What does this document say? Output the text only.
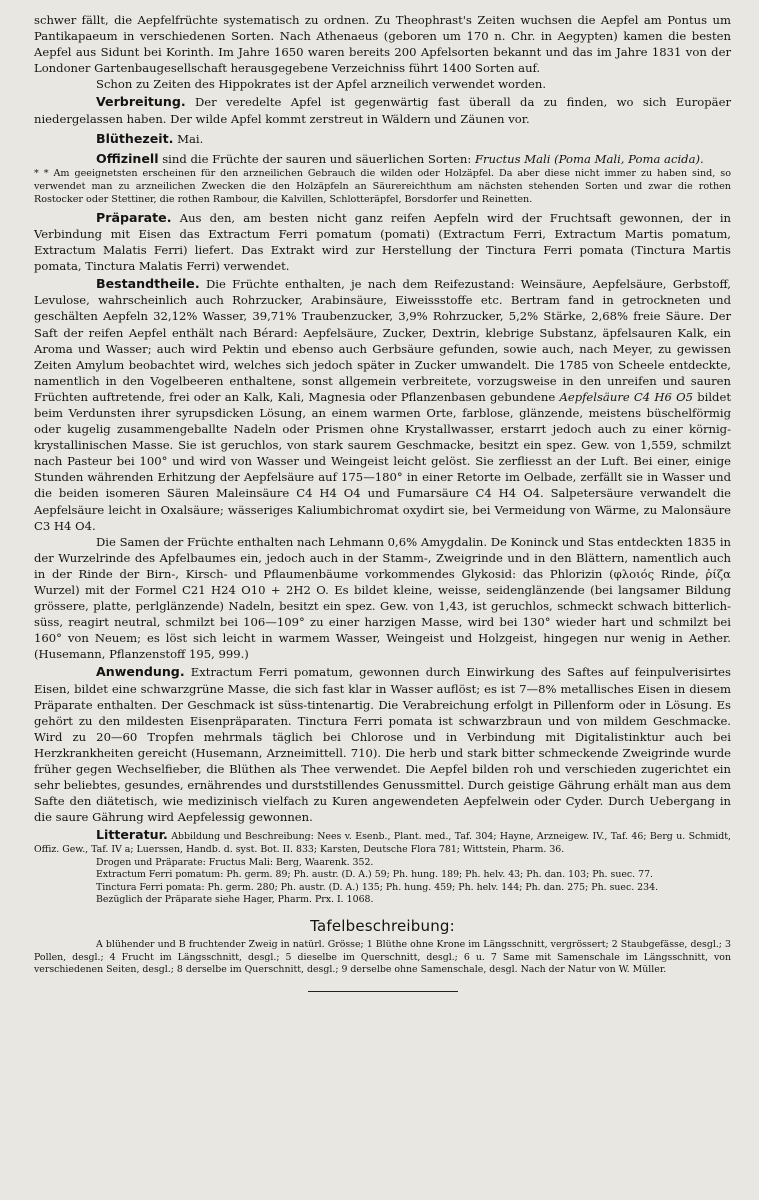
schwer fällt, die Aepfelfrüchte systematisch zu ordnen. Zu Theophrast's Zeiten wuchsen die Aepfel am Pontus um Pantikapaeum in verschiedenen Sorten. Nach Athenaeus (geboren um 170 n. Chr. in Aegypten) kamen die besten Aepfel aus Sidunt bei Korinth. Im Jahre 1650 waren bereits 200 Apfelsorten bekannt und das im Jahre 1831 von der Londoner Gartenbaugesellschaft herausgegebene Verzeichniss führt 1400 Sorten auf.

Schon zu Zeiten des Hippokrates ist der Apfel arzneilich verwendet worden.

Verbreitung. Der veredelte Apfel ist gegenwärtig fast überall da zu finden, wo sich Europäer niedergelassen haben. Der wilde Apfel kommt zerstreut in Wäldern und Zäunen vor.

Blüthezeit. Mai.

Offizinell sind die Früchte der sauren und säuerlichen Sorten: Fructus Mali (Poma Mali, Poma acida).

* * Am geeignetsten erscheinen für den arzneilichen Gebrauch die wilden oder Holzäpfel. Da aber diese nicht immer zu haben sind, so verwendet man zu arzneilichen Zwecken die den Holzäpfeln an Säurereichthum am nächsten stehenden Sorten und zwar die rothen Rostocker oder Stettiner, die rothen Rambour, die Kalvillen, Schlotteräpfel, Borsdorfer und Reinetten.

Präparate. Aus den, am besten nicht ganz reifen Aepfeln wird der Fruchtsaft gewonnen, der in Verbindung mit Eisen das Extractum Ferri pomatum (pomati) (Extractum Ferri, Extractum Martis pomatum, Extractum Malatis Ferri) liefert. Das Extrakt wird zur Herstellung der Tinctura Ferri pomata (Tinctura Martis pomata, Tinctura Malatis Ferri) verwendet.

Bestandtheile. Die Früchte enthalten, je nach dem Reifezustand: Weinsäure, Aepfelsäure, Gerbstoff, Levulose, wahrscheinlich auch Rohrzucker, Arabinsäure, Eiweissstoffe etc. Bertram fand in getrockneten und geschälten Aepfeln 32,12% Wasser, 39,71% Traubenzucker, 3,9% Rohrzucker, 5,2% Stärke, 2,68% freie Säure. Der Saft der reifen Aepfel enthält nach Bérard: Aepfelsäure, Zucker, Dextrin, klebrige Substanz, äpfelsauren Kalk, ein Aroma und Wasser; auch wird Pektin und ebenso auch Gerbsäure gefunden, sowie auch, nach Meyer, zu gewissen Zeiten Amylum beobachtet wird, welches sich jedoch später in Zucker umwandelt. Die 1785 von Scheele entdeckte, namentlich in den Vogelbeeren enthaltene, sonst allgemein verbreitete, vorzugsweise in den unreifen und sauren Früchten auftretende, frei oder an Kalk, Kali, Magnesia oder Pflanzenbasen gebundene Aepfelsäure C4 H6 O5 bildet beim Verdunsten ihrer syrupsdicken Lösung, an einem warmen Orte, farblose, glänzende, meistens büschelförmig oder kugelig zusammengeballte Nadeln oder Prismen ohne Krystallwasser, erstarrt jedoch auch zu einer körnig-krystallinischen Masse. Sie ist geruchlos, von stark saurem Geschmacke, besitzt ein spez. Gew. von 1,559, schmilzt nach Pasteur bei 100° und wird von Wasser und Weingeist leicht gelöst. Sie zerfliesst an der Luft. Bei einer, einige Stunden währenden Erhitzung der Aepfelsäure auf 175—180° in einer Retorte im Oelbade, zerfällt sie in Wasser und die beiden isomeren Säuren Maleinsäure C4 H4 O4 und Fumarsäure C4 H4 O4. Salpetersäure verwandelt die Aepfelsäure leicht in Oxalsäure; wässeriges Kaliumbichromat oxydirt sie, bei Vermeidung von Wärme, zu Malonsäure C3 H4 O4.

Die Samen der Früchte enthalten nach Lehmann 0,6% Amygdalin. De Koninck und Stas entdeckten 1835 in der Wurzelrinde des Apfelbaumes ein, jedoch auch in der Stamm-, Zweigrinde und in den Blättern, namentlich auch in der Rinde der Birn-, Kirsch- und Pflaumenbäume vorkommendes Glykosid: das Phlorizin (φλοιός Rinde, ῥίζα Wurzel) mit der Formel C21 H24 O10 + 2H2 O. Es bildet kleine, weisse, seidenglänzende (bei langsamer Bildung grössere, platte, perlglänzende) Nadeln, besitzt ein spez. Gew. von 1,43, ist geruchlos, schmeckt schwach bitterlich-süss, reagirt neutral, schmilzt bei 106—109° zu einer harzigen Masse, wird bei 130° wieder hart und schmilzt bei 160° von Neuem; es löst sich leicht in warmem Wasser, Weingeist und Holzgeist, hingegen nur wenig in Aether. (Husemann, Pflanzenstoff 195, 999.)

Anwendung. Extractum Ferri pomatum, gewonnen durch Einwirkung des Saftes auf feinpulverisirtes Eisen, bildet eine schwarzgrüne Masse, die sich fast klar in Wasser auflöst; es ist 7—8% metallisches Eisen in diesem Präparate enthalten. Der Geschmack ist süss-tintenartig. Die Verabreichung erfolgt in Pillenform oder in Lösung. Es gehört zu den mildesten Eisenpräparaten. Tinctura Ferri pomata ist schwarzbraun und von mildem Geschmacke. Wird zu 20—60 Tropfen mehrmals täglich bei Chlorose und in Verbindung mit Digitalistinktur auch bei Herzkrankheiten gereicht (Husemann, Arzneimittell. 710). Die herb und stark bitter schmeckende Zweigrinde wurde früher gegen Wechselfieber, die Blüthen als Thee verwendet. Die Aepfel bilden roh und verschieden zugerichtet ein sehr beliebtes, gesundes, ernährendes und durststillendes Genussmittel. Durch geistige Gährung erhält man aus dem Safte den diätetisch, wie medizinisch vielfach zu Kuren angewendeten Aepfelwein oder Cyder. Durch Uebergang in die saure Gährung wird Aepfelessig gewonnen.

Litteratur. Abbildung und Beschreibung: Nees v. Esenb., Plant. med., Taf. 304; Hayne, Arzneigew. IV., Taf. 46; Berg u. Schmidt, Offiz. Gew., Taf. IV a; Luerssen, Handb. d. syst. Bot. II. 833; Karsten, Deutsche Flora 781; Wittstein, Pharm. 36.

Drogen und Präparate: Fructus Mali: Berg, Waarenk. 352.

Extractum Ferri pomatum: Ph. germ. 89; Ph. austr. (D. A.) 59; Ph. hung. 189; Ph. helv. 43; Ph. dan. 103; Ph. suec. 77.

Tinctura Ferri pomata: Ph. germ. 280; Ph. austr. (D. A.) 135; Ph. hung. 459; Ph. helv. 144; Ph. dan. 275; Ph. suec. 234.

Bezüglich der Präparate siehe Hager, Pharm. Prx. I. 1068.

Tafelbeschreibung:

A blühender und B fruchtender Zweig in natürl. Grösse; 1 Blüthe ohne Krone im Längsschnitt, vergrössert; 2 Staubgefässe, desgl.; 3 Pollen, desgl.; 4 Frucht im Längsschnitt, desgl.; 5 dieselbe im Querschnitt, desgl.; 6 u. 7 Same mit Samenschale im Längsschnitt, von verschiedenen Seiten, desgl.; 8 derselbe im Querschnitt, desgl.; 9 derselbe ohne Samenschale, desgl. Nach der Natur von W. Müller.
